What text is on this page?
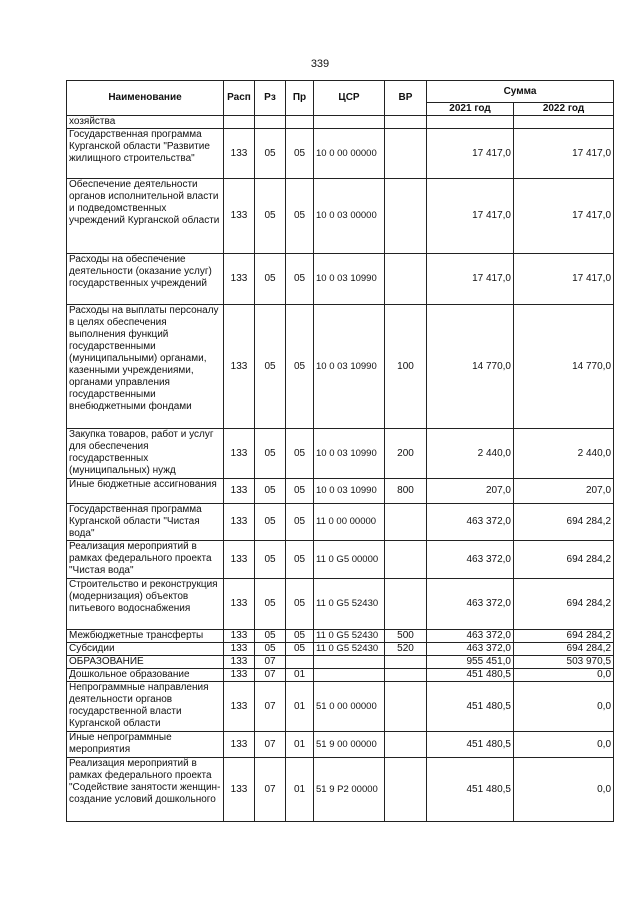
339
Наименование	Расп	Рз	Пр	ЦСР	ВР	Сумма	
						2021 год	2022 год
хозяйства							
Государственная программа Курганской области "Развитие жилищного строительства"	133	05	05	10 0 00 00000		17 417,0	17 417,0
Обеспечение деятельности органов исполнительной власти и подведомственных учреждений Курганской области	133	05	05	10 0 03 00000		17 417,0	17 417,0
Расходы на обеспечение деятельности (оказание услуг) государственных учреждений	133	05	05	10 0 03 10990		17 417,0	17 417,0
Расходы на выплаты персоналу в целях обеспечения выполнения функций государственными (муниципальными) органами, казенными учреждениями, органами управления государственными внебюджетными фондами	133	05	05	10 0 03 10990	100	14 770,0	14 770,0
Закупка товаров, работ и услуг для обеспечения государственных (муниципальных) нужд	133	05	05	10 0 03 10990	200	2 440,0	2 440,0
Иные бюджетные ассигнования	133	05	05	10 0 03 10990	800	207,0	207,0
Государственная программа Курганской области "Чистая вода"	133	05	05	11 0 00 00000		463 372,0	694 284,2
Реализация мероприятий в рамках федерального проекта "Чистая вода"	133	05	05	11 0 G5 00000		463 372,0	694 284,2
Строительство и реконструкция (модернизация) объектов питьевого водоснабжения	133	05	05	11 0 G5 52430		463 372,0	694 284,2
Межбюджетные трансферты	133	05	05	11 0 G5 52430	500	463 372,0	694 284,2
Субсидии	133	05	05	11 0 G5 52430	520	463 372,0	694 284,2
ОБРАЗОВАНИЕ	133	07				955 451,0	503 970,5
Дошкольное образование	133	07	01			451 480,5	0,0
Непрограммные направления деятельности органов государственной власти Курганской области	133	07	01	51 0 00 00000		451 480,5	0,0
Иные непрограммные мероприятия	133	07	01	51 9 00 00000		451 480,5	0,0
Реализация мероприятий в рамках федерального проекта "Содействие занятости женщин-создание условий дошкольного	133	07	01	51 9 P2 00000		451 480,5	0,0
